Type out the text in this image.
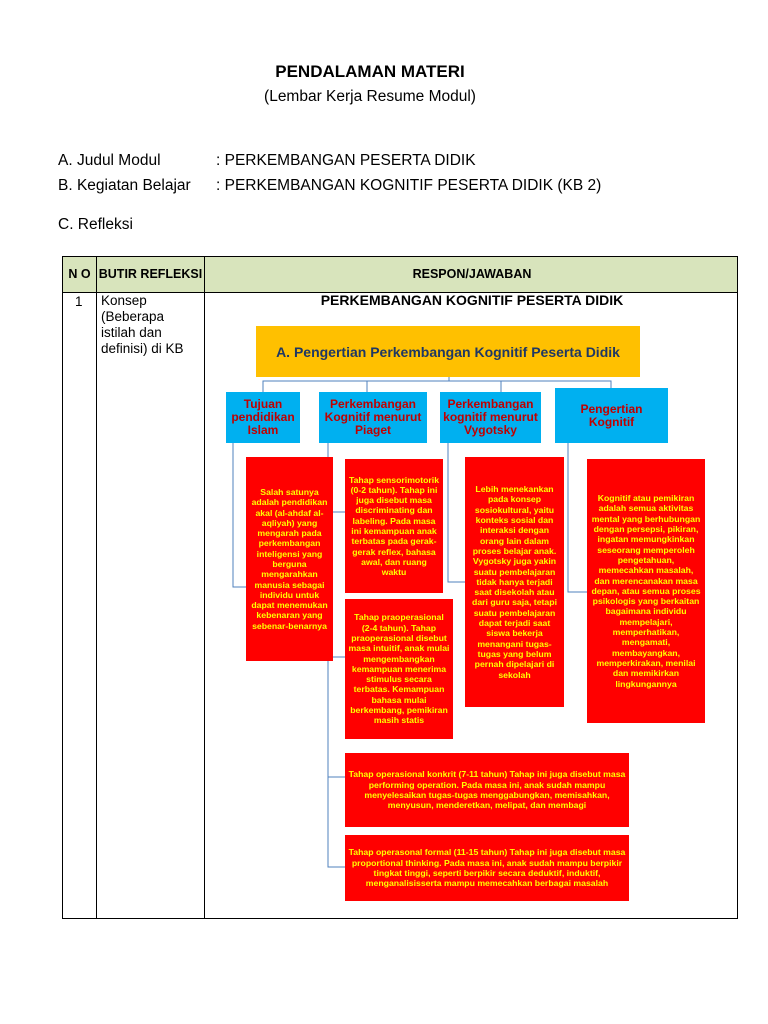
PENDALAMAN MATERI
(Lembar Kerja Resume Modul)
A. Judul Modul	: PERKEMBANGAN PESERTA DIDIK
B. Kegiatan Belajar : PERKEMBANGAN KOGNITIF PESERTA DIDIK (KB 2)
C. Refleksi
N O BUTIR REFLEKSI	RESPON/JAWABAN
1 Konsep (Beberapa istilah dan definisi) di KB
PERKEMBANGAN KOGNITIF PESERTA DIDIK
A. Pengertian Perkembangan Kognitif Peserta Didik
Tujuan pendidikan Islam
Perkembangan Kognitif menurut Piaget
Perkembangan kognitif menurut Vygotsky
Pengertian Kognitif
Salah satunya adalah pendidikan akal (al-ahdaf al-aqliyah) yang mengarah pada perkembangan inteligensi yang berguna mengarahkan manusia sebagai individu untuk dapat menemukan kebenaran yang sebenar-benarnya
Tahap sensorimotorik (0-2 tahun). Tahap ini juga disebut masa discriminating dan labeling. Pada masa ini kemampuan anak terbatas pada gerak-gerak reflex, bahasa awal, dan ruang waktu
Tahap praoperasional (2-4 tahun). Tahap praoperasional disebut masa intuitif, anak mulai mengembangkan kemampuan menerima stimulus secara terbatas. Kemampuan bahasa mulai berkembang, pemikiran masih statis
Lebih menekankan pada konsep sosiokultural, yaitu konteks sosial dan interaksi dengan orang lain dalam proses belajar anak. Vygotsky juga yakin suatu pembelajaran tidak hanya terjadi saat disekolah atau dari guru saja, tetapi suatu pembelajaran dapat terjadi saat siswa bekerja menangani tugas-tugas yang belum pernah dipelajari di sekolah
Kognitif atau pemikiran adalah semua aktivitas mental yang berhubungan dengan persepsi, pikiran, ingatan memungkinkan seseorang memperoleh pengetahuan, memecahkan masalah, dan merencanakan masa depan, atau semua proses psikologis yang berkaitan bagaimana individu mempelajari, memperhatikan, mengamati, membayangkan, memperkirakan, menilai dan memikirkan lingkungannya
Tahap operasional konkrit (7-11 tahun) Tahap ini juga disebut masa performing operation. Pada masa ini, anak sudah mampu menyelesaikan tugas-tugas menggabungkan, memisahkan, menyusun, menderetkan, melipat, dan membagi
Tahap operasonal formal (11-15 tahun) Tahap ini juga disebut masa proportional thinking. Pada masa ini, anak sudah mampu berpikir tingkat tinggi, seperti berpikir secara deduktif, induktif, menganalisisserta mampu memecahkan berbagai masalah
